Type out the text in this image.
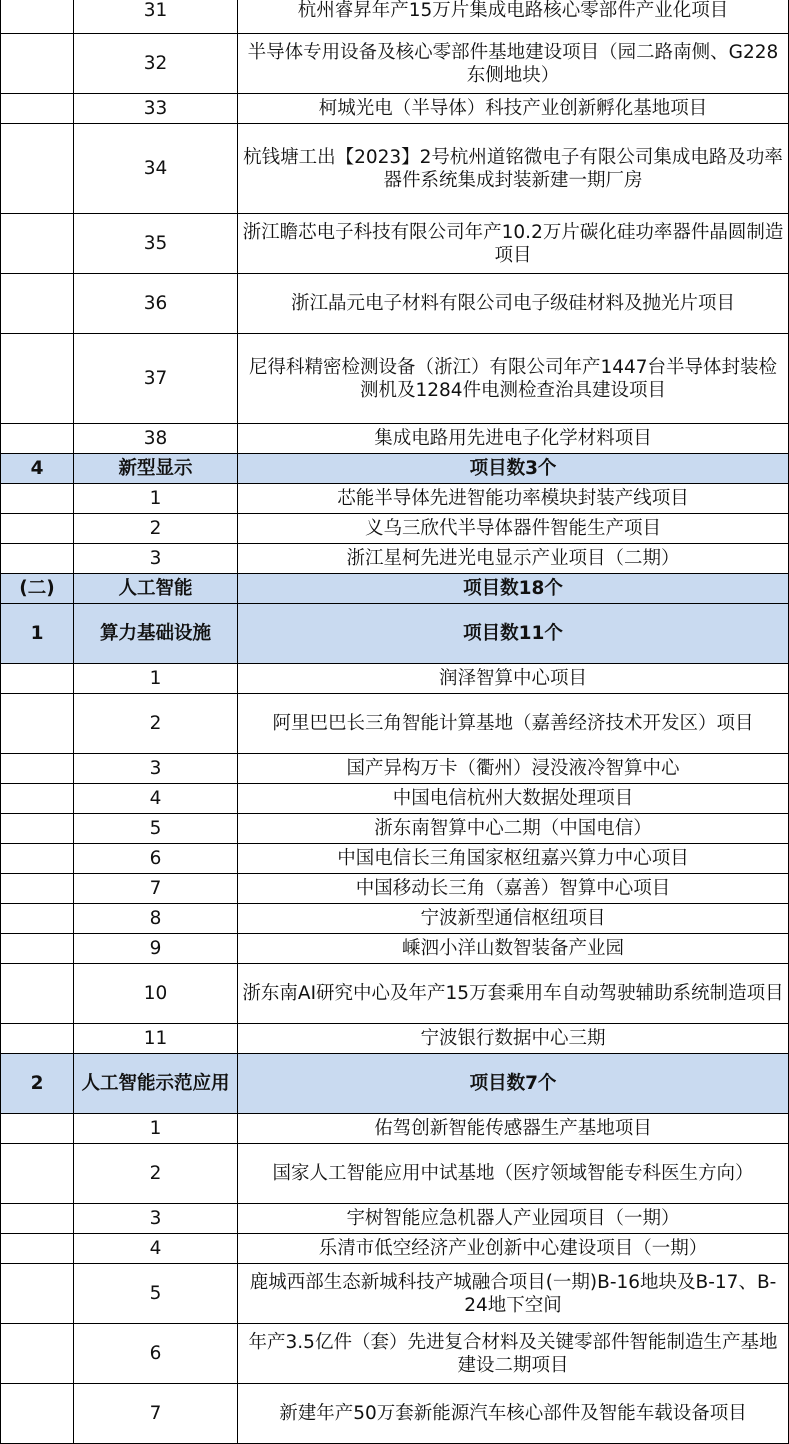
	31	杭州睿昇年产15万片集成电路核心零部件产业化项目
	32	半导体专用设备及核心零部件基地建设项目（园二路南侧、G228东侧地块）
	33	柯城光电（半导体）科技产业创新孵化基地项目
	34	杭钱塘工出【2023】2号杭州道铭微电子有限公司集成电路及功率器件系统集成封装新建一期厂房
	35	浙江瞻芯电子科技有限公司年产10.2万片碳化硅功率器件晶圆制造项目
	36	浙江晶元电子材料有限公司电子级硅材料及抛光片项目
	37	尼得科精密检测设备（浙江）有限公司年产1447台半导体封装检测机及1284件电测检查治具建设项目
	38	集成电路用先进电子化学材料项目
4	新型显示	项目数3个
	1	芯能半导体先进智能功率模块封装产线项目
	2	义乌三欣代半导体器件智能生产项目
	3	浙江星柯先进光电显示产业项目（二期）
(二)	人工智能	项目数18个
1	算力基础设施	项目数11个
	1	润泽智算中心项目
	2	阿里巴巴长三角智能计算基地（嘉善经济技术开发区）项目
	3	国产异构万卡（衢州）浸没液冷智算中心
	4	中国电信杭州大数据处理项目
	5	浙东南智算中心二期（中国电信）
	6	中国电信长三角国家枢纽嘉兴算力中心项目
	7	中国移动长三角（嘉善）智算中心项目
	8	宁波新型通信枢纽项目
	9	嵊泗小洋山数智装备产业园
	10	浙东南AI研究中心及年产15万套乘用车自动驾驶辅助系统制造项目
	11	宁波银行数据中心三期
2	人工智能示范应用	项目数7个
	1	佑驾创新智能传感器生产基地项目
	2	国家人工智能应用中试基地（医疗领域智能专科医生方向）
	3	宇树智能应急机器人产业园项目（一期）
	4	乐清市低空经济产业创新中心建设项目（一期）
	5	鹿城西部生态新城科技产城融合项目(一期)B-16地块及B-17、B-24地下空间
	6	年产3.5亿件（套）先进复合材料及关键零部件智能制造生产基地建设二期项目
	7	新建年产50万套新能源汽车核心部件及智能车载设备项目
